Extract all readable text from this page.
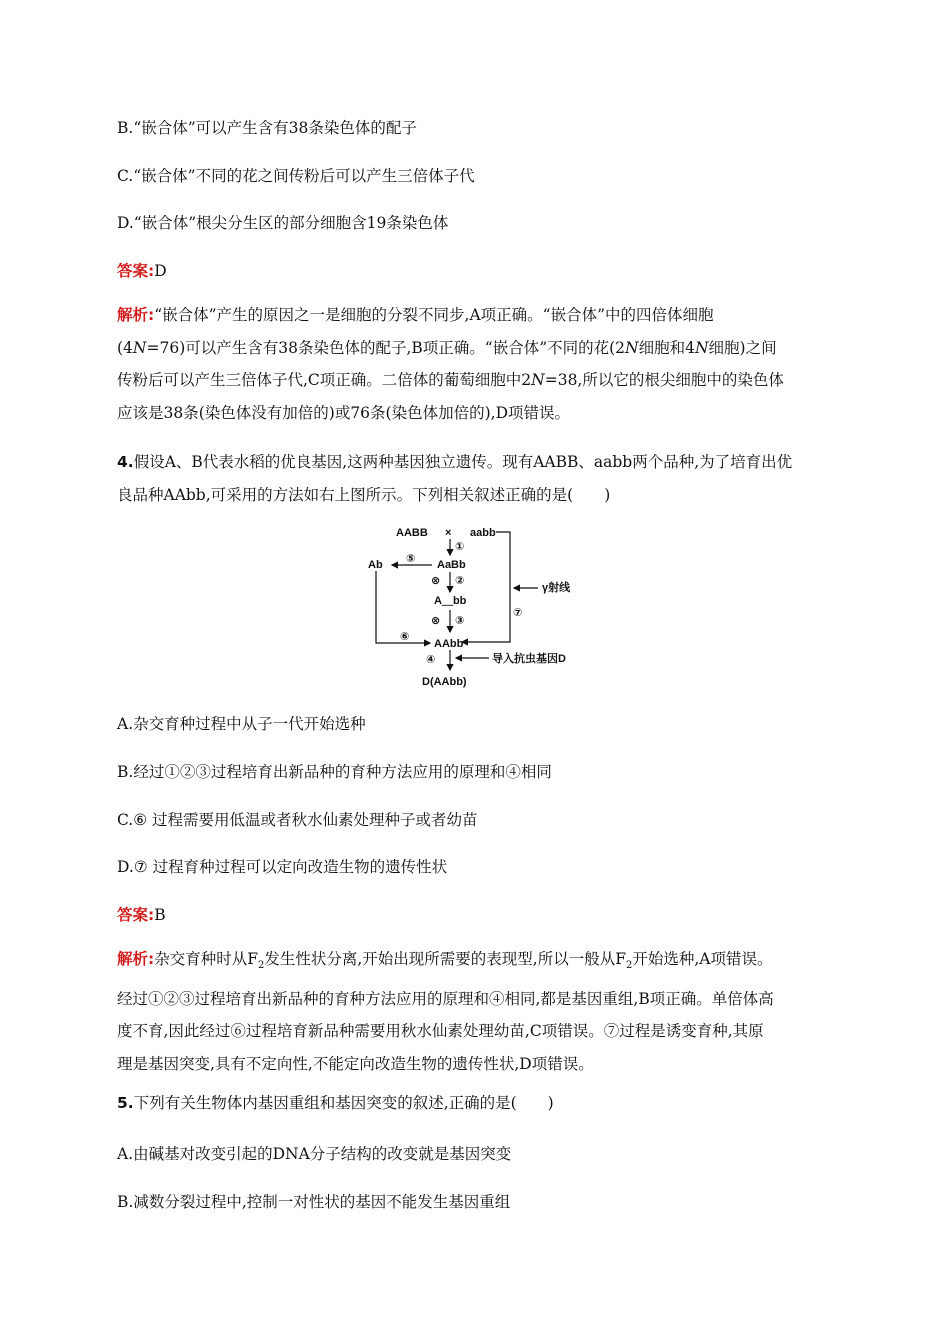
B.“嵌合体”可以产生含有38条染色体的配子
C.“嵌合体”不同的花之间传粉后可以产生三倍体子代
D.“嵌合体”根尖分生区的部分细胞含19条染色体
答案:D

解析:“嵌合体”产生的原因之一是细胞的分裂不同步,A项正确。“嵌合体”中的四倍体细胞

(4N=76)可以产生含有38条染色体的配子,B项正确。“嵌合体”不同的花(2N细胞和4N细胞)之间

传粉后可以产生三倍体子代,C项正确。二倍体的葡萄细胞中2N=38,所以它的根尖细胞中的染色体

应该是38条(染色体没有加倍的)或76条(染色体加倍的),D项错误。

4.假设A、B代表水稻的优良基因,这两种基因独立遗传。现有AABB、aabb两个品种,为了培育出优

良品种AAbb,可采用的方法如右上图所示。下列相关叙述正确的是(　　)

AABB × aabb
①
AaBb
Ab ⑤
⊗ ②
A＿bb
⊗ ③
AAbb
⑥
④
D(AAbb)
γ射线
⑦
导入抗虫基因D
A.杂交育种过程中从子一代开始选种
B.经过①②③过程培育出新品种的育种方法应用的原理和④相同
C.⑥ 过程需要用低温或者秋水仙素处理种子或者幼苗
D.⑦ 过程育种过程可以定向改造生物的遗传性状
答案:B

解析:杂交育种时从$F_2$发生性状分离,开始出现所需要的表现型,所以一般从$F_2$开始选种,A项错误。

经过①②③过程培育出新品种的育种方法应用的原理和④相同,都是基因重组,B项正确。单倍体高

度不育,因此经过⑥过程培育新品种需要用秋水仙素处理幼苗,C项错误。⑦过程是诱变育种,其原

理是基因突变,具有不定向性,不能定向改造生物的遗传性状,D项错误。

5.下列有关生物体内基因重组和基因突变的叙述,正确的是(　　)
A.由碱基对改变引起的DNA分子结构的改变就是基因突变
B.减数分裂过程中,控制一对性状的基因不能发生基因重组
